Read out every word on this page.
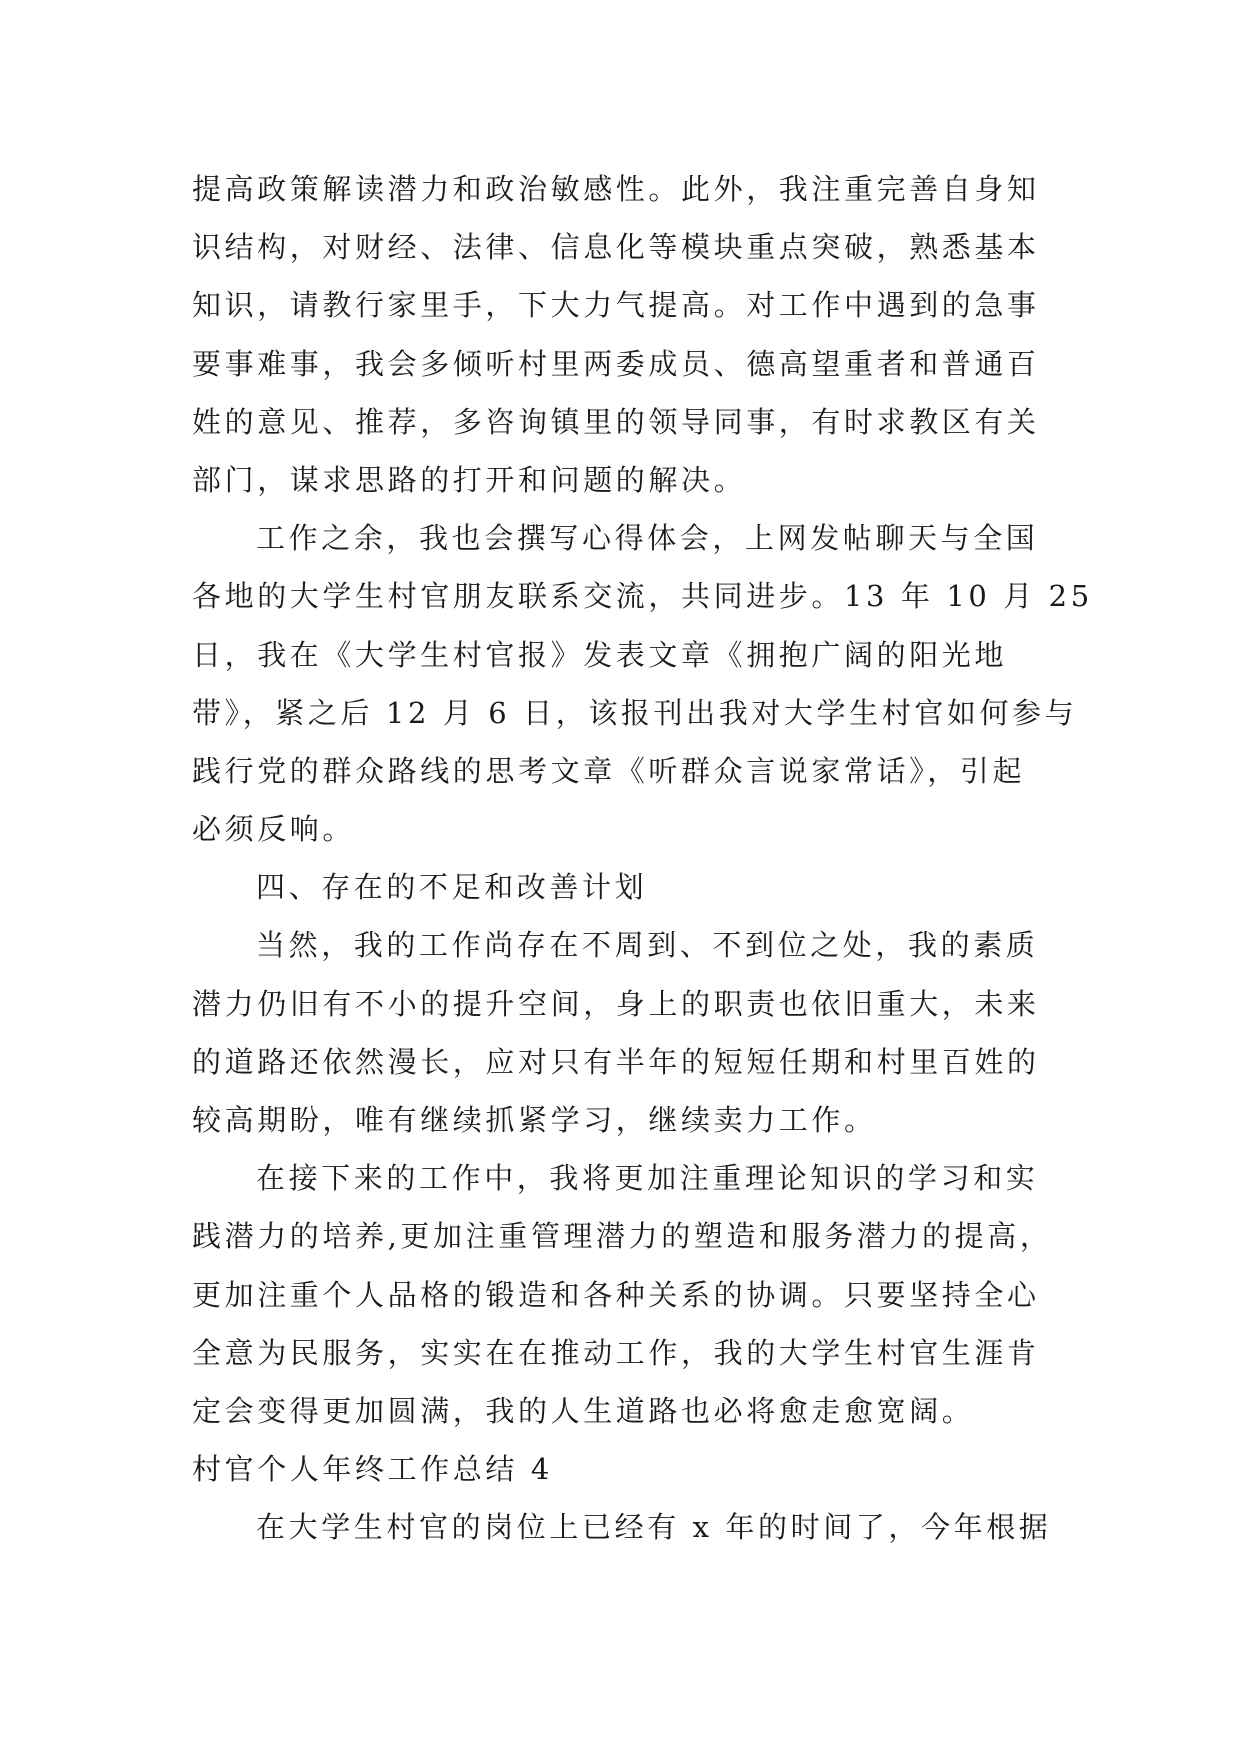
提高政策解读潜力和政治敏感性。此外，我注重完善自身知
识结构，对财经、法律、信息化等模块重点突破，熟悉基本
知识，请教行家里手，下大力气提高。对工作中遇到的急事
要事难事，我会多倾听村里两委成员、德高望重者和普通百
姓的意见、推荐，多咨询镇里的领导同事，有时求教区有关
部门，谋求思路的打开和问题的解决。
工作之余，我也会撰写心得体会，上网发帖聊天与全国
各地的大学生村官朋友联系交流，共同进步。13 年 10 月 25
日，我在《大学生村官报》发表文章《拥抱广阔的阳光地
带》，紧之后 12 月 6 日，该报刊出我对大学生村官如何参与
践行党的群众路线的思考文章《听群众言说家常话》，引起
必须反响。
四、存在的不足和改善计划
当然，我的工作尚存在不周到、不到位之处，我的素质
潜力仍旧有不小的提升空间，身上的职责也依旧重大，未来
的道路还依然漫长，应对只有半年的短短任期和村里百姓的
较高期盼，唯有继续抓紧学习，继续卖力工作。
在接下来的工作中，我将更加注重理论知识的学习和实
践潜力的培养,更加注重管理潜力的塑造和服务潜力的提高，
更加注重个人品格的锻造和各种关系的协调。只要坚持全心
全意为民服务，实实在在推动工作，我的大学生村官生涯肯
定会变得更加圆满，我的人生道路也必将愈走愈宽阔。
村官个人年终工作总结 4
在大学生村官的岗位上已经有 x 年的时间了，今年根据
